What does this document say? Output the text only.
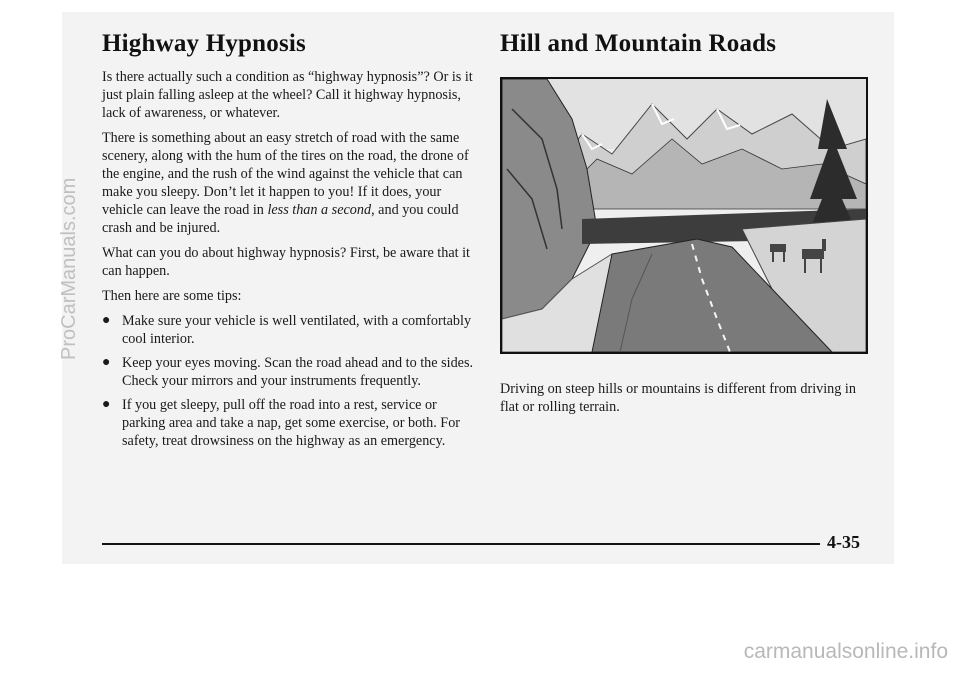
Highway Hypnosis

Is there actually such a condition as “highway hypnosis”? Or is it just plain falling asleep at the wheel? Call it highway hypnosis, lack of awareness, or whatever.

There is something about an easy stretch of road with the same scenery, along with the hum of the tires on the road, the drone of the engine, and the rush of the wind against the vehicle that can make you sleepy. Don’t let it happen to you! If it does, your vehicle can leave the road in less than a second, and you could crash and be injured.

What can you do about highway hypnosis? First, be aware that it can happen.

Then here are some tips:

● Make sure your vehicle is well ventilated, with a comfortably cool interior.
● Keep your eyes moving. Scan the road ahead and to the sides. Check your mirrors and your instruments frequently.
● If you get sleepy, pull off the road into a rest, service or parking area and take a nap, get some exercise, or both. For safety, treat drowsiness on the highway as an emergency.
Hill and Mountain Roads

Driving on steep hills or mountains is different from driving in flat or rolling terrain.

4-35
ProCarManuals.com
carmanualsonline.info
